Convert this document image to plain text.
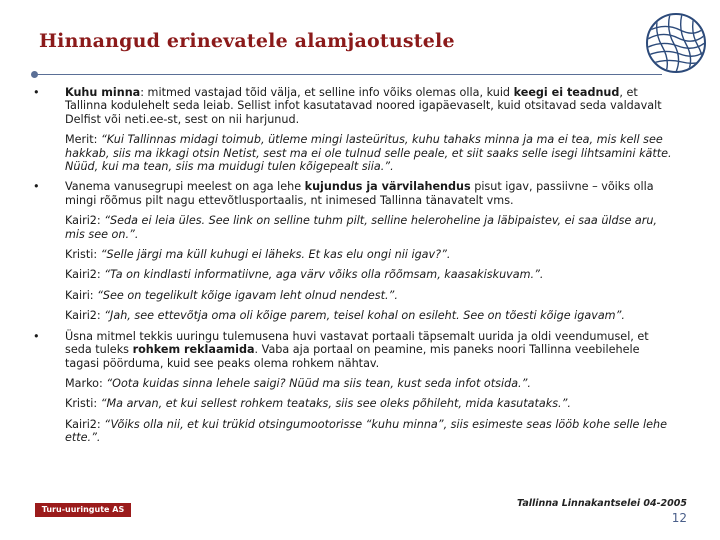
Hinnangud erinevatele alamjaotustele
• Kuhu minna: mitmed vastajad tõid välja, et selline info võiks olemas olla, kuid keegi ei teadnud, et Tallinna kodulehelt seda leiab. Sellist infot kasutatavad noored igapäevaselt, kuid otsitavad seda valdavalt Delfist või neti.ee-st, sest on nii harjunud.
Merit: “Kui Tallinnas midagi toimub, ütleme mingi lasteüritus, kuhu tahaks minna ja ma ei tea, mis kell see hakkab, siis ma ikkagi otsin Netist, sest ma ei ole tulnud selle peale, et siit saaks selle isegi lihtsamini kätte. Nüüd, kui ma tean, siis ma muidugi tulen kõigepealt siia.”.
• Vanema vanusegrupi meelest on aga lehe kujundus ja värvilahendus pisut igav, passiivne – võiks olla mingi rõõmus pilt nagu ettevõtlusportaalis, nt inimesed Tallinna tänavatelt vms.
Kairi2: “Seda ei leia üles. See link on selline tuhm pilt, selline heleroheline ja läbipaistev, ei saa üldse aru, mis see on.”.
Kristi: “Selle järgi ma küll kuhugi ei läheks. Et kas elu ongi nii igav?”.
Kairi2: “Ta on kindlasti informatiivne, aga värv võiks olla rõõmsam, kaasakiskuvam.”.
Kairi: “See on tegelikult kõige igavam leht olnud nendest.”.
Kairi2: “Jah, see ettevõtja oma oli kõige parem, teisel kohal on esileht. See on tõesti kõige igavam”.
• Üsna mitmel tekkis uuringu tulemusena huvi vastavat portaali täpsemalt uurida ja oldi veendumusel, et seda tuleks rohkem reklaamida. Vaba aja portaal on peamine, mis paneks noori Tallinna veebilehele tagasi pöörduma, kuid see peaks olema rohkem nähtav.
Marko: “Oota kuidas sinna lehele saigi? Nüüd ma siis tean, kust seda infot otsida.”.
Kristi: “Ma arvan, et kui sellest rohkem teataks, siis see oleks põhileht, mida kasutataks.”.
Kairi2: “Võiks olla nii, et kui trükid otsingumootorisse “kuhu minna”, siis esimeste seas lööb kohe selle lehe ette.”.
Turu-uuringute AS
Tallinna Linnakantselei 04-2005
12
